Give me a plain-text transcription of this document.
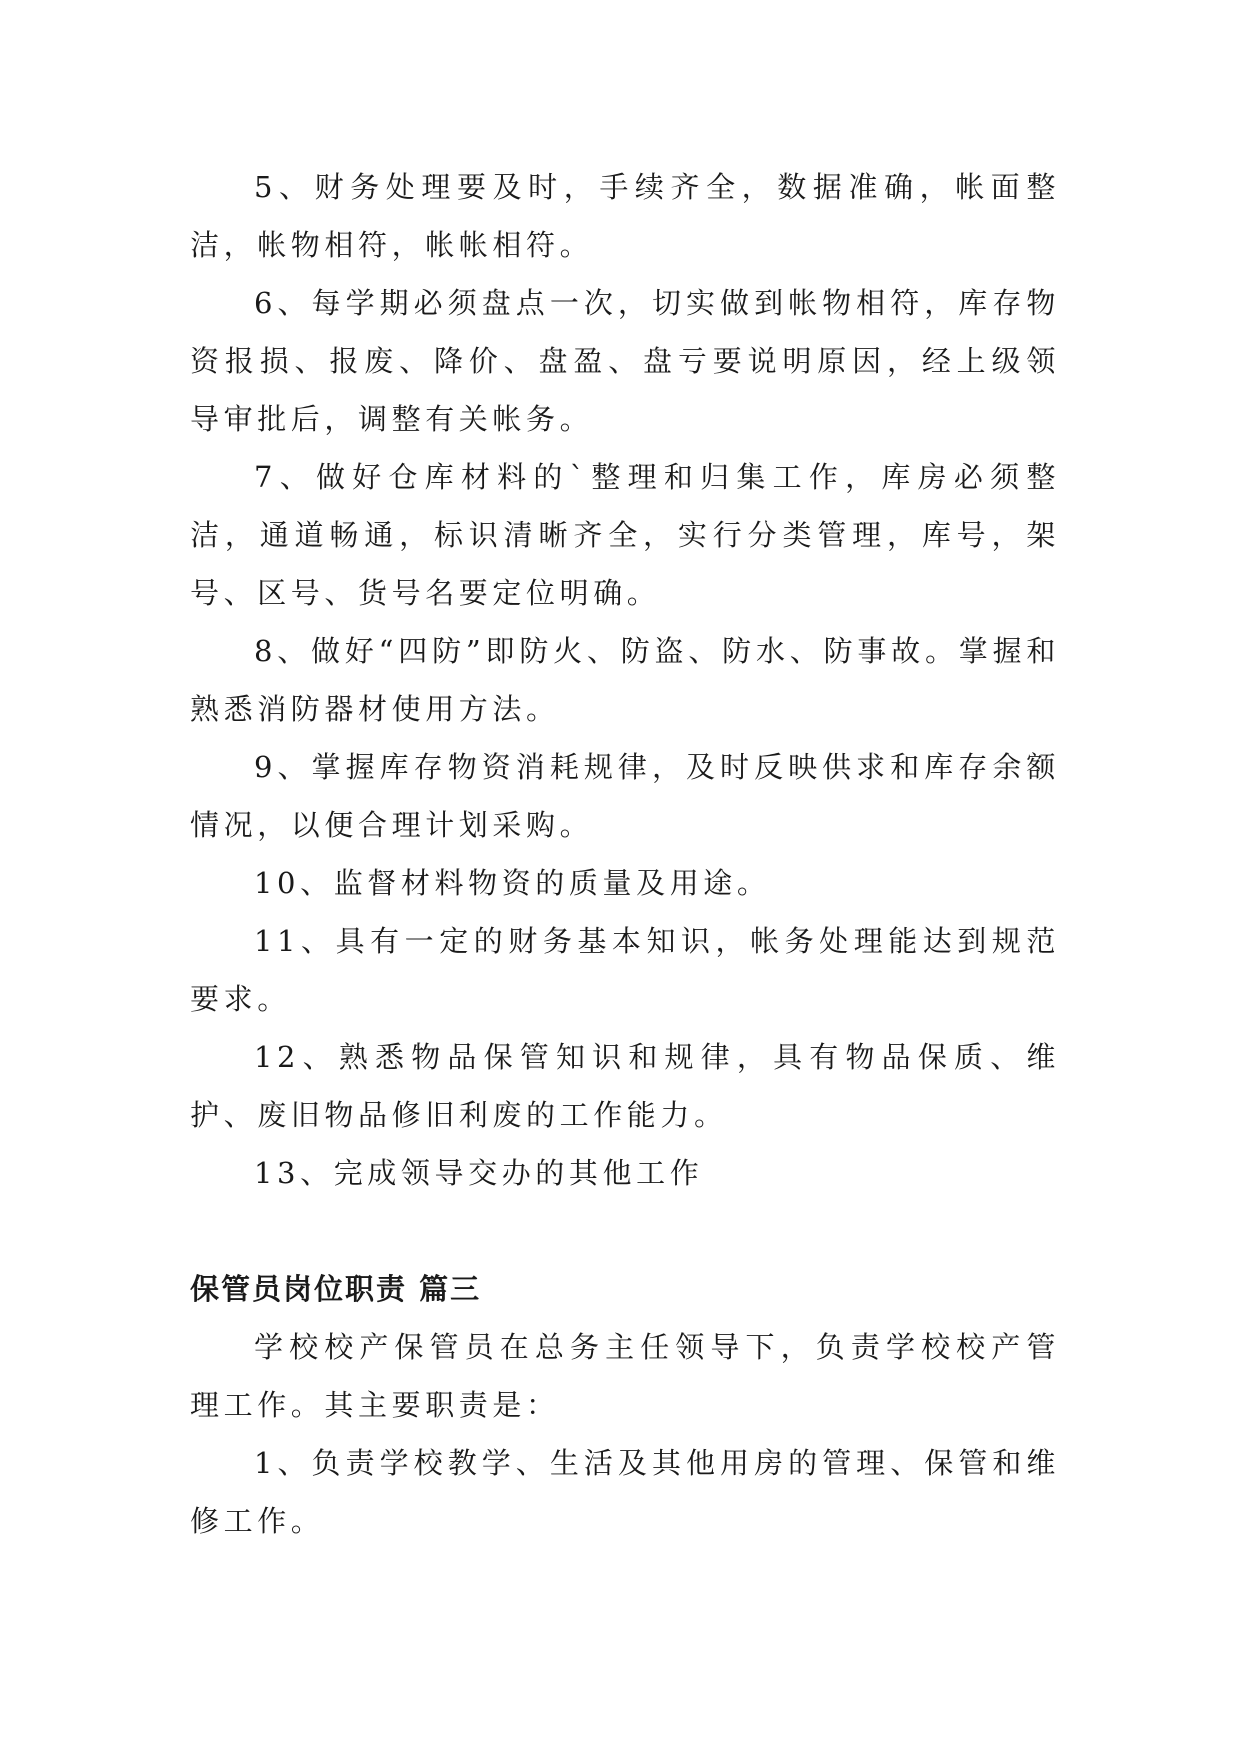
5、财务处理要及时，手续齐全，数据准确，帐面整洁，帐物相符，帐帐相符。

6、每学期必须盘点一次，切实做到帐物相符，库存物资报损、报废、降价、盘盈、盘亏要说明原因，经上级领导审批后，调整有关帐务。

7、做好仓库材料的`整理和归集工作，库房必须整洁，通道畅通，标识清晰齐全，实行分类管理，库号，架号、区号、货号名要定位明确。

8、做好“四防”即防火、防盗、防水、防事故。掌握和熟悉消防器材使用方法。

9、掌握库存物资消耗规律，及时反映供求和库存余额情况，以便合理计划采购。

10、监督材料物资的质量及用途。

11、具有一定的财务基本知识，帐务处理能达到规范要求。

12、熟悉物品保管知识和规律，具有物品保质、维护、废旧物品修旧利废的工作能力。

13、完成领导交办的其他工作

保管员岗位职责 篇三

学校校产保管员在总务主任领导下，负责学校校产管理工作。其主要职责是：

1、负责学校教学、生活及其他用房的管理、保管和维修工作。
